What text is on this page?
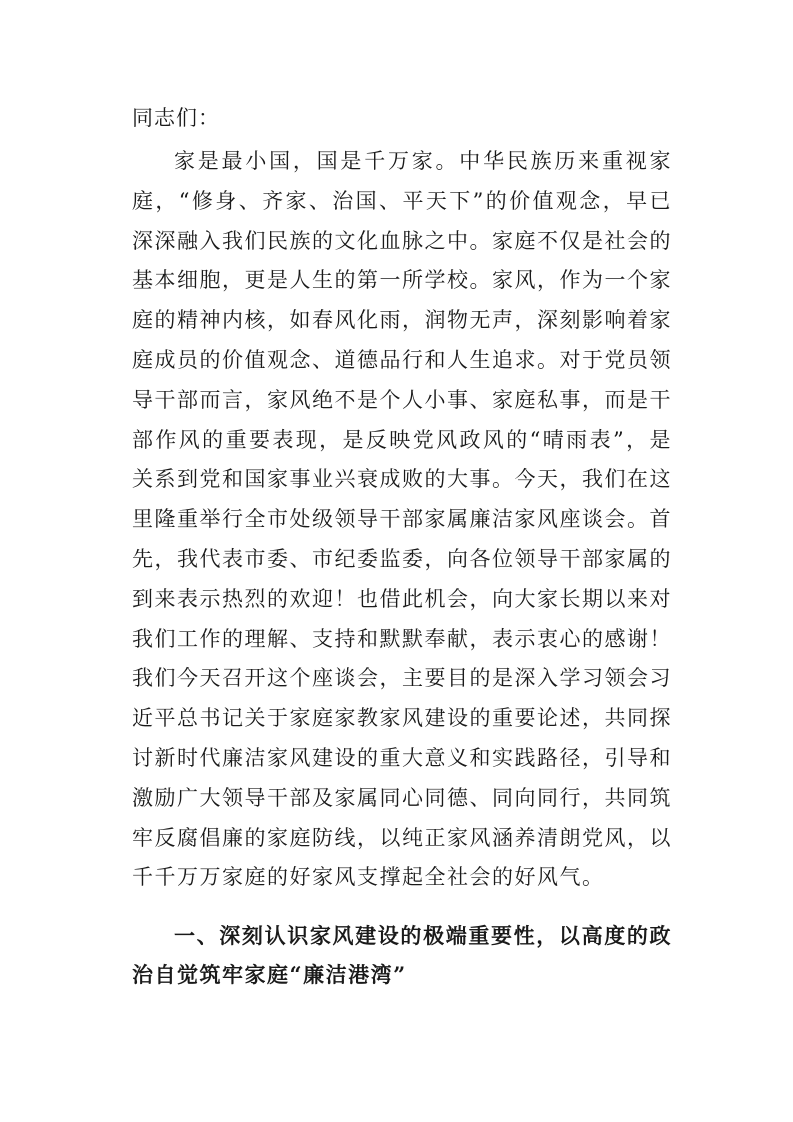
同志们：

家是最小国，国是千万家。中华民族历来重视家庭，“修身、齐家、治国、平天下”的价值观念，早已深深融入我们民族的文化血脉之中。家庭不仅是社会的基本细胞，更是人生的第一所学校。家风，作为一个家庭的精神内核，如春风化雨，润物无声，深刻影响着家庭成员的价值观念、道德品行和人生追求。对于党员领导干部而言，家风绝不是个人小事、家庭私事，而是干部作风的重要表现，是反映党风政风的“晴雨表”，是关系到党和国家事业兴衰成败的大事。今天，我们在这里隆重举行全市处级领导干部家属廉洁家风座谈会。首先，我代表市委、市纪委监委，向各位领导干部家属的到来表示热烈的欢迎！也借此机会，向大家长期以来对我们工作的理解、支持和默默奉献，表示衷心的感谢！我们今天召开这个座谈会，主要目的是深入学习领会习近平总书记关于家庭家教家风建设的重要论述，共同探讨新时代廉洁家风建设的重大意义和实践路径，引导和激励广大领导干部及家属同心同德、同向同行，共同筑牢反腐倡廉的家庭防线，以纯正家风涵养清朗党风，以千千万万家庭的好家风支撑起全社会的好风气。

一、深刻认识家风建设的极端重要性，以高度的政治自觉筑牢家庭“廉洁港湾”
